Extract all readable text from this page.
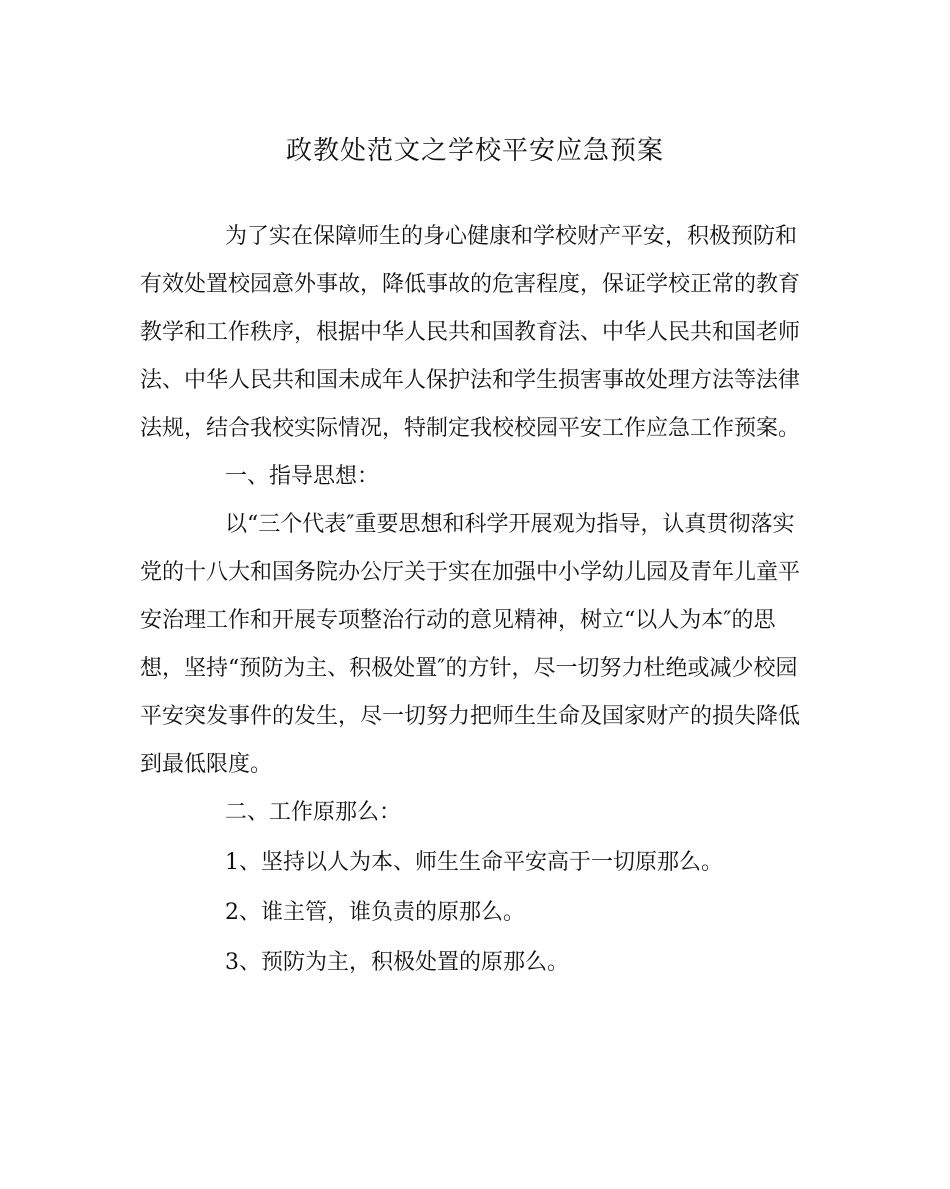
政教处范文之学校平安应急预案
为了实在保障师生的身心健康和学校财产平安，积极预防和
有效处置校园意外事故，降低事故的危害程度，保证学校正常的教育
教学和工作秩序，根据中华人民共和国教育法、中华人民共和国老师
法、中华人民共和国未成年人保护法和学生损害事故处理方法等法律
法规，结合我校实际情况，特制定我校校园平安工作应急工作预案。
一、指导思想：
以“三个代表″重要思想和科学开展观为指导，认真贯彻落实
党的十八大和国务院办公厅关于实在加强中小学幼儿园及青年儿童平
安治理工作和开展专项整治行动的意见精神，树立“以人为本″的思
想，坚持“预防为主、积极处置″的方针，尽一切努力杜绝或减少校园
平安突发事件的发生，尽一切努力把师生生命及国家财产的损失降低
到最低限度。
二、工作原那么：
1、坚持以人为本、师生生命平安高于一切原那么。
2、谁主管，谁负责的原那么。
3、预防为主，积极处置的原那么。
